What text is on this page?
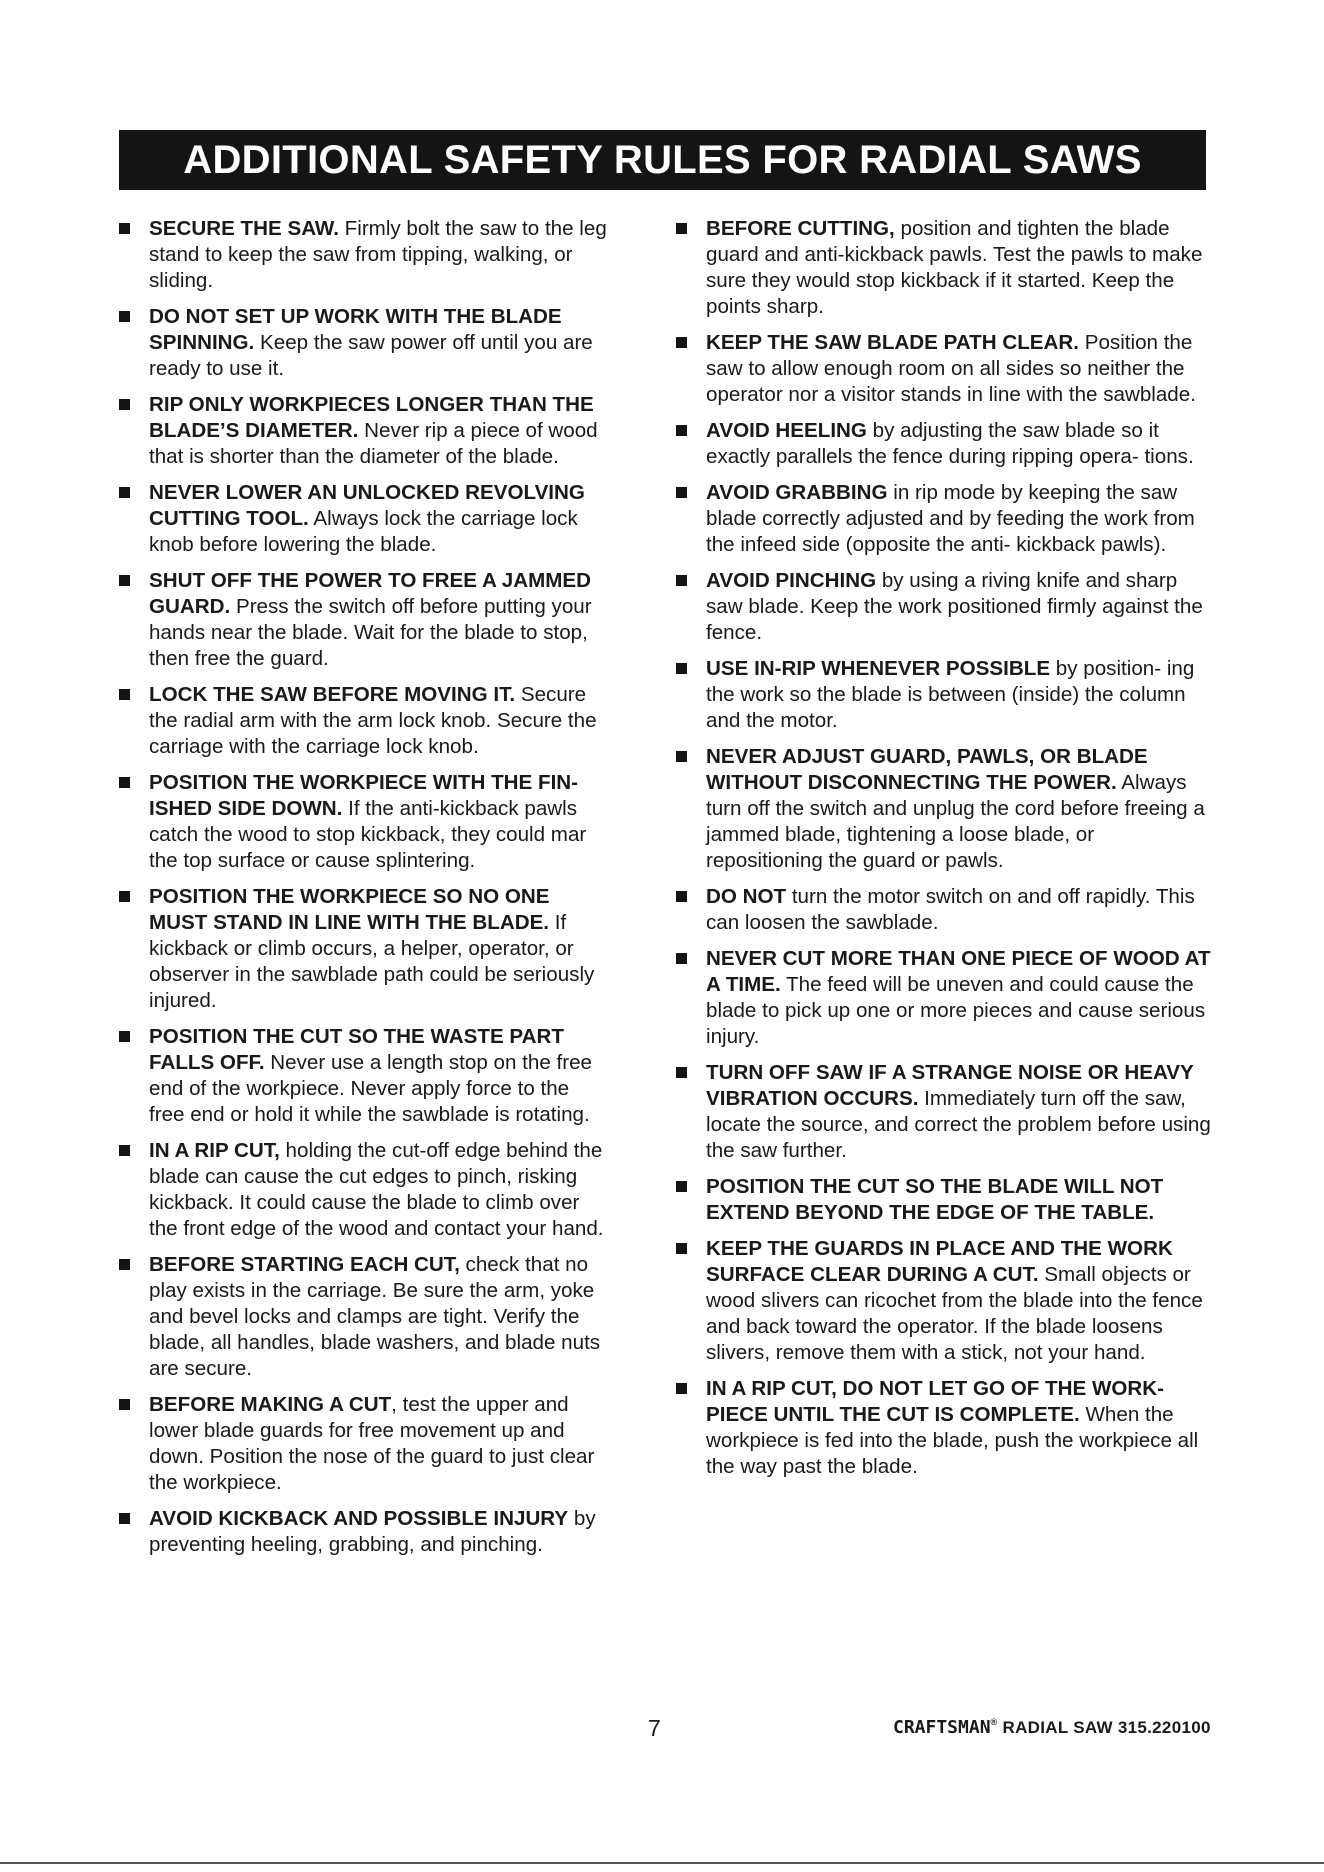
ADDITIONAL SAFETY RULES FOR RADIAL SAWS
SECURE THE SAW. Firmly bolt the saw to the leg stand to keep the saw from tipping, walking, or sliding.
DO NOT SET UP WORK WITH THE BLADE SPINNING. Keep the saw power off until you are ready to use it.
RIP ONLY WORKPIECES LONGER THAN THE BLADE’S DIAMETER. Never rip a piece of wood that is shorter than the diameter of the blade.
NEVER LOWER AN UNLOCKED REVOLVING CUTTING TOOL. Always lock the carriage lock knob before lowering the blade.
SHUT OFF THE POWER TO FREE A JAMMED GUARD. Press the switch off before putting your hands near the blade. Wait for the blade to stop, then free the guard.
LOCK THE SAW BEFORE MOVING IT. Secure the radial arm with the arm lock knob. Secure the carriage with the carriage lock knob.
POSITION THE WORKPIECE WITH THE FIN- ISHED SIDE DOWN. If the anti-kickback pawls catch the wood to stop kickback, they could mar the top surface or cause splintering.
POSITION THE WORKPIECE SO NO ONE MUST STAND IN LINE WITH THE BLADE. If kickback or climb occurs, a helper, operator, or observer in the sawblade path could be seriously injured.
POSITION THE CUT SO THE WASTE PART FALLS OFF. Never use a length stop on the free end of the workpiece. Never apply force to the free end or hold it while the sawblade is rotating.
IN A RIP CUT, holding the cut-off edge behind the blade can cause the cut edges to pinch, risking kickback. It could cause the blade to climb over the front edge of the wood and contact your hand.
BEFORE STARTING EACH CUT, check that no play exists in the carriage. Be sure the arm, yoke and bevel locks and clamps are tight. Verify the blade, all handles, blade washers, and blade nuts are secure.
BEFORE MAKING A CUT, test the upper and lower blade guards for free movement up and down. Position the nose of the guard to just clear the workpiece.
AVOID KICKBACK AND POSSIBLE INJURY by preventing heeling, grabbing, and pinching.
BEFORE CUTTING, position and tighten the blade guard and anti-kickback pawls. Test the pawls to make sure they would stop kickback if it started. Keep the points sharp.
KEEP THE SAW BLADE PATH CLEAR. Position the saw to allow enough room on all sides so neither the operator nor a visitor stands in line with the sawblade.
AVOID HEELING by adjusting the saw blade so it exactly parallels the fence during ripping opera- tions.
AVOID GRABBING in rip mode by keeping the saw blade correctly adjusted and by feeding the work from the infeed side (opposite the anti- kickback pawls).
AVOID PINCHING by using a riving knife and sharp saw blade. Keep the work positioned firmly against the fence.
USE IN-RIP WHENEVER POSSIBLE by position- ing the work so the blade is between (inside) the column and the motor.
NEVER ADJUST GUARD, PAWLS, OR BLADE WITHOUT DISCONNECTING THE POWER. Always turn off the switch and unplug the cord before freeing a jammed blade, tightening a loose blade, or repositioning the guard or pawls.
DO NOT turn the motor switch on and off rapidly. This can loosen the sawblade.
NEVER CUT MORE THAN ONE PIECE OF WOOD AT A TIME. The feed will be uneven and could cause the blade to pick up one or more pieces and cause serious injury.
TURN OFF SAW IF A STRANGE NOISE OR HEAVY VIBRATION OCCURS. Immediately turn off the saw, locate the source, and correct the problem before using the saw further.
POSITION THE CUT SO THE BLADE WILL NOT EXTEND BEYOND THE EDGE OF THE TABLE.
KEEP THE GUARDS IN PLACE AND THE WORK SURFACE CLEAR DURING A CUT. Small objects or wood slivers can ricochet from the blade into the fence and back toward the operator. If the blade loosens slivers, remove them with a stick, not your hand.
IN A RIP CUT, DO NOT LET GO OF THE WORK- PIECE UNTIL THE CUT IS COMPLETE. When the workpiece is fed into the blade, push the workpiece all the way past the blade.
7	CRAFTSMAN® RADIAL SAW 315.220100
